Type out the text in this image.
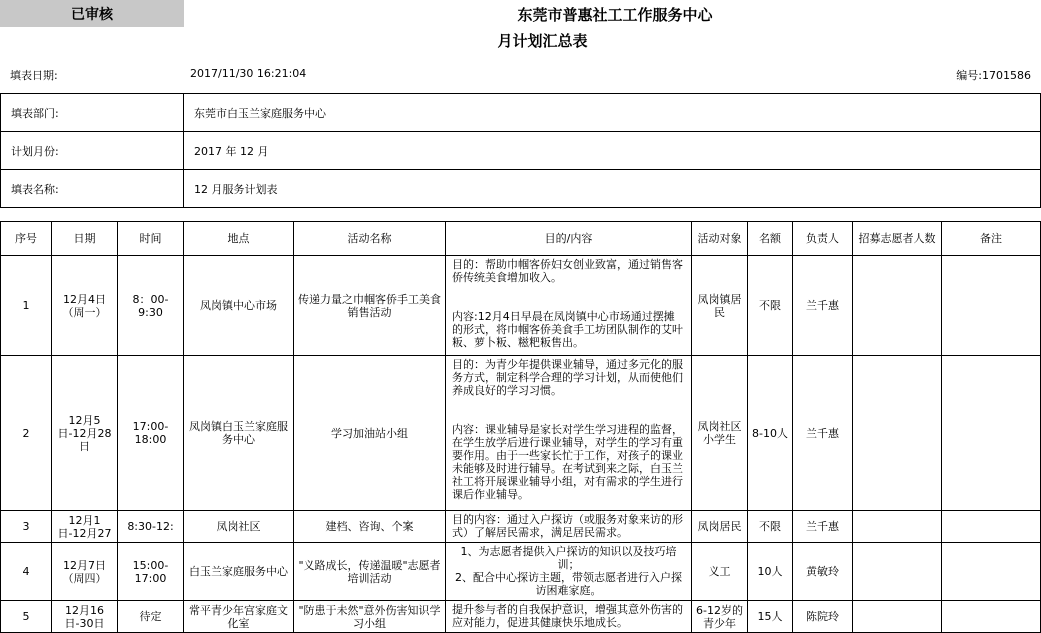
已审核	东莞市普惠社工工作服务中心
月计划汇总表
填表日期:	2017/11/30 16:21:04	编号:1701586
填表部门:	东莞市白玉兰家庭服务中心
计划月份:	2017 年 12 月
填表名称:	12 月服务计划表
序号	日期	时间	地点	活动名称	目的/内容	活动对象	名额	负责人	招募志愿者人数	备注
1	12月4日（周一）	8：00-9:30	凤岗镇中心市场	传递力量之巾帼客侨手工美食销售活动	目的：帮助巾帼客侨妇女创业致富，通过销售客侨传统美食增加收入。
内容:12月4日早晨在凤岗镇中心市场通过摆摊的形式，将巾帼客侨美食手工坊团队制作的艾叶粄、萝卜粄、糍粑粄售出。	凤岗镇居民	不限	兰千惠		
2	12月5日-12月28日	17:00-18:00	凤岗镇白玉兰家庭服务中心	学习加油站小组	目的：为青少年提供课业辅导，通过多元化的服务方式，制定科学合理的学习计划，从而使他们养成良好的学习习惯。
内容：课业辅导是家长对学生学习进程的监督，在学生放学后进行课业辅导，对学生的学习有重要作用。由于一些家长忙于工作，对孩子的课业未能够及时进行辅导。在考试到来之际，白玉兰社工将开展课业辅导小组，对有需求的学生进行课后作业辅导。	凤岗社区小学生	8-10人	兰千惠		
3	12月1日-12月27	8:30-12:	凤岗社区	建档、咨询、个案	目的内容：通过入户探访（或服务对象来访的形式）了解居民需求，满足居民需求。	凤岗居民	不限	兰千惠		
4	12月7日（周四）	15:00-17:00	白玉兰家庭服务中心	"义路成长，传递温暖"志愿者培训活动	1、为志愿者提供入户探访的知识以及技巧培训；
2、配合中心探访主题，带领志愿者进行入户探访困难家庭。	义工	10人	黄敏玲		
5	12月16日-30日	待定	常平青少年宫家庭文化室	"防患于未然"意外伤害知识学习小组	提升参与者的自我保护意识，增强其意外伤害的应对能力，促进其健康快乐地成长。	6-12岁的青少年	15人	陈院玲		
